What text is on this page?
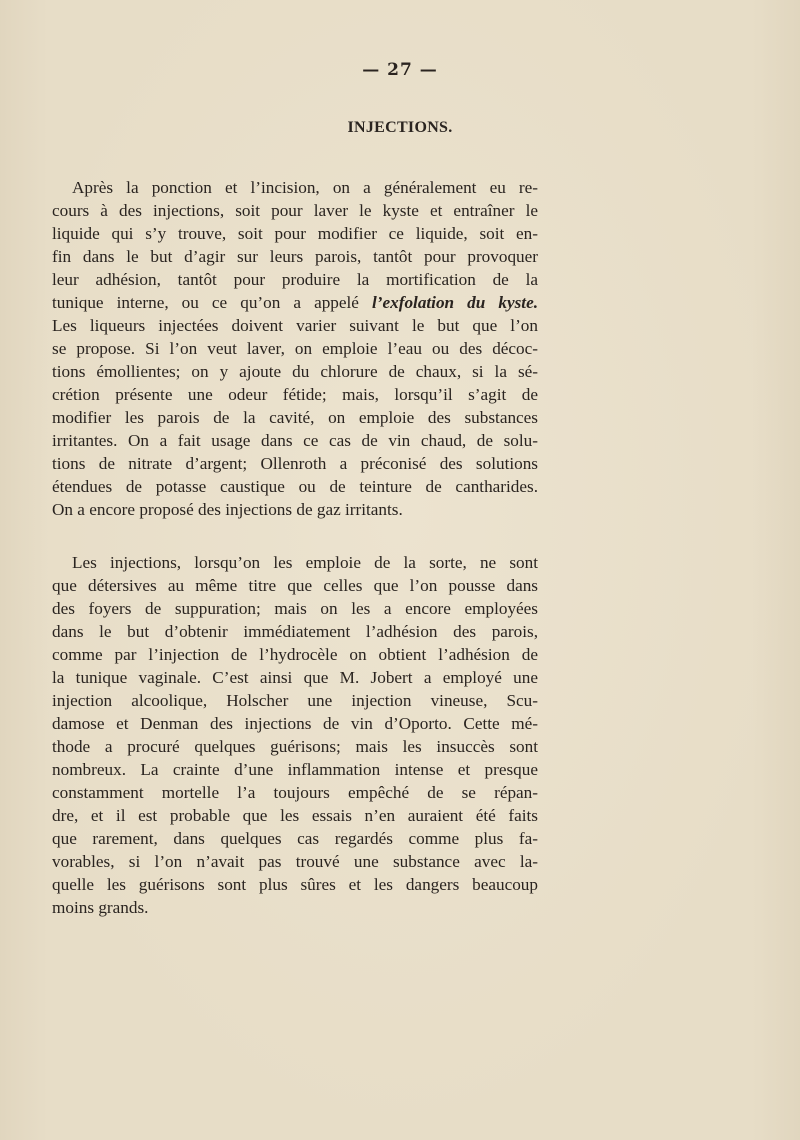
— 27 —
INJECTIONS.
Après la ponction et l’incision, on a généralement eu re-
cours à des injections, soit pour laver le kyste et entraîner le
liquide qui s’y trouve, soit pour modifier ce liquide, soit en-
fin dans le but d’agir sur leurs parois, tantôt pour provoquer
leur adhésion, tantôt pour produire la mortification de la
tunique interne, ou ce qu’on a appelé l’exfolation du kyste.
Les liqueurs injectées doivent varier suivant le but que l’on
se propose. Si l’on veut laver, on emploie l’eau ou des décoc-
tions émollientes; on y ajoute du chlorure de chaux, si la sé-
crétion présente une odeur fétide; mais, lorsqu’il s’agit de
modifier les parois de la cavité, on emploie des substances
irritantes. On a fait usage dans ce cas de vin chaud, de solu-
tions de nitrate d’argent; Ollenroth a préconisé des solutions
étendues de potasse caustique ou de teinture de cantharides.
On a encore proposé des injections de gaz irritants.
Les injections, lorsqu’on les emploie de la sorte, ne sont
que détersives au même titre que celles que l’on pousse dans
des foyers de suppuration; mais on les a encore employées
dans le but d’obtenir immédiatement l’adhésion des parois,
comme par l’injection de l’hydrocèle on obtient l’adhésion de
la tunique vaginale. C’est ainsi que M. Jobert a employé une
injection alcoolique, Holscher une injection vineuse, Scu-
damose et Denman des injections de vin d’Oporto. Cette mé-
thode a procuré quelques guérisons; mais les insuccès sont
nombreux. La crainte d’une inflammation intense et presque
constamment mortelle l’a toujours empêché de se répan-
dre, et il est probable que les essais n’en auraient été faits
que rarement, dans quelques cas regardés comme plus fa-
vorables, si l’on n’avait pas trouvé une substance avec la-
quelle les guérisons sont plus sûres et les dangers beaucoup
moins grands.
